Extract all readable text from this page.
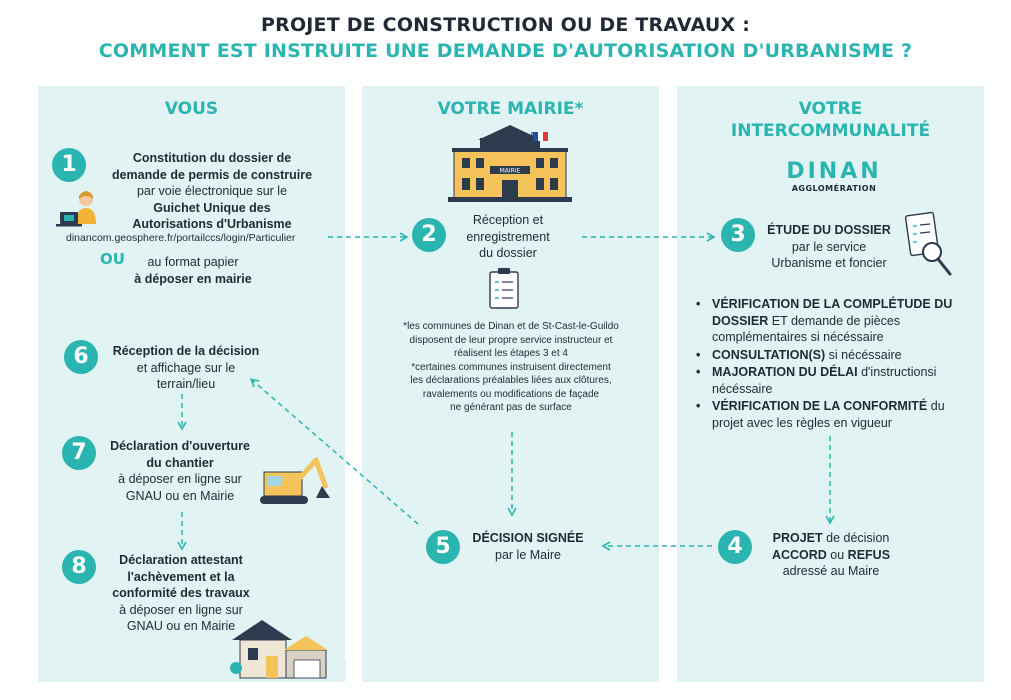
PROJET DE CONSTRUCTION OU DE TRAVAUX :
COMMENT EST INSTRUITE UNE DEMANDE D'AUTORISATION D'URBANISME ?
VOUS	VOTRE MAIRIE*	VOTRE
INTERCOMMUNALITÉ
DINAN
AGGLOMÉRATION
1	Constitution du dossier de
demande de permis de construire
par voie électronique sur le
Guichet Unique des
Autorisations d'Urbanisme
dinancom.geosphere.fr/portailccs/login/Particulier
OU	au format papier
à déposer en mairie
2
Réception et
enregistrement
du dossier
3	ÉTUDE DU DOSSIER
par le service
Urbanisme et foncier
• VÉRIFICATION DE LA COMPLÉTUDE DU DOSSIER ET demande de pièces complémentaires si nécéssaire
• CONSULTATION(S) si nécéssaire
• MAJORATION DU DÉLAI d'instructionsi nécéssaire
• VÉRIFICATION DE LA CONFORMITÉ du projet avec les règles en vigueur
*les communes de Dinan et de St-Cast-le-Guildo
disposent de leur propre service instructeur et
réalisent les étapes 3 et 4
*certaines communes instruisent directement
les déclarations préalables liées aux clôtures,
ravalements ou modifications de façade
ne générant pas de surface
4	PROJET de décision
ACCORD ou REFUS
adressé au Maire
5	DÉCISION SIGNÉE
par le Maire
6	Réception de la décision
et affichage sur le
terrain/lieu
7	Déclaration d'ouverture
du chantier
à déposer en ligne sur
GNAU ou en Mairie
8	Déclaration attestant
l'achèvement et la
conformité des travaux
à déposer en ligne sur
GNAU ou en Mairie
MAIRIE
